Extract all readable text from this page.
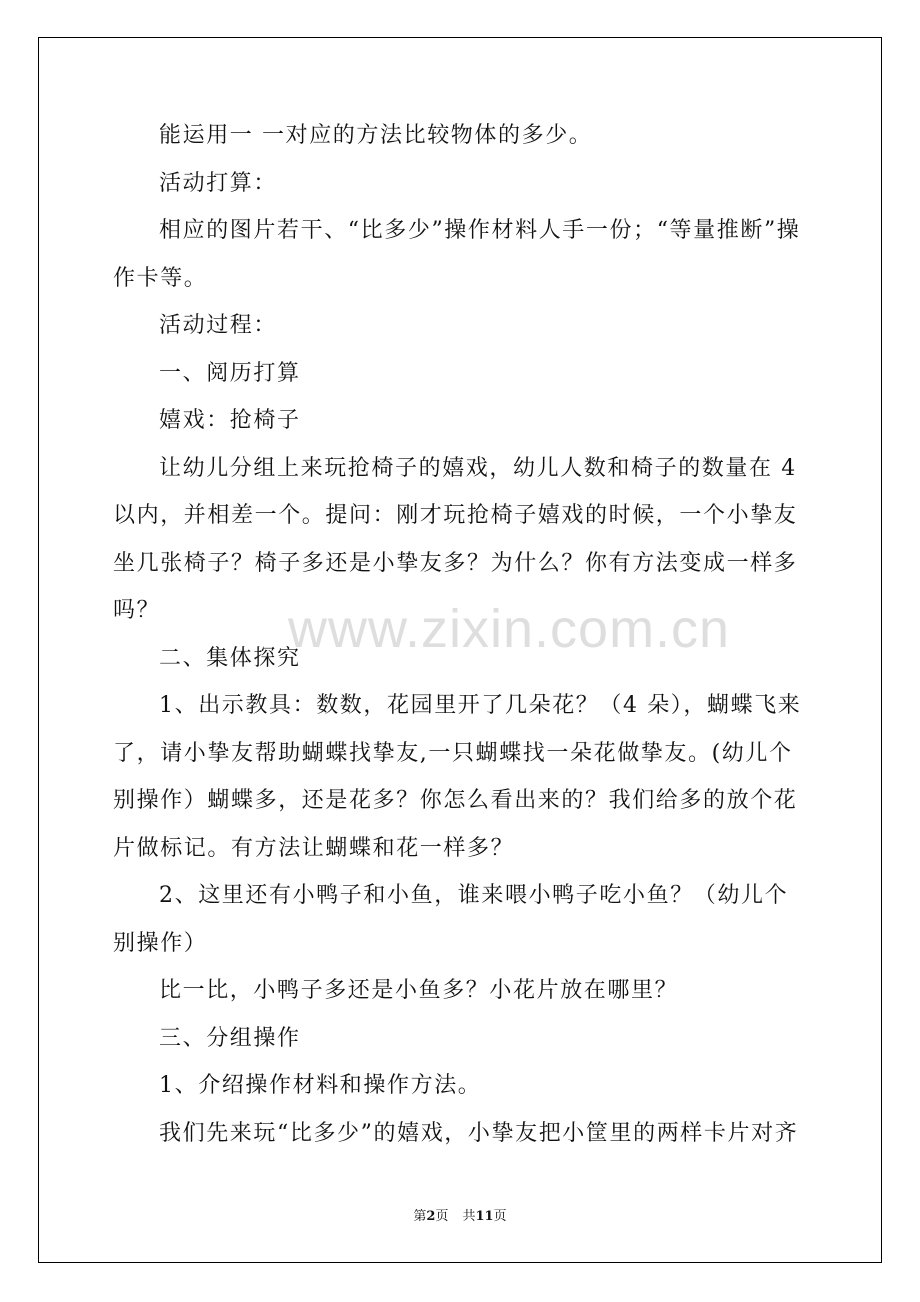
能运用一 一对应的方法比较物体的多少。

活动打算：

相应的图片若干、“比多少”操作材料人手一份；“等量推断”操作卡等。

活动过程：

一、阅历打算

嬉戏：抢椅子

让幼儿分组上来玩抢椅子的嬉戏，幼儿人数和椅子的数量在 4 以内，并相差一个。提问：刚才玩抢椅子嬉戏的时候，一个小挚友坐几张椅子？椅子多还是小挚友多？为什么？你有方法变成一样多吗？

二、集体探究

1、出示教具：数数，花园里开了几朵花？（4 朵），蝴蝶飞来了，请小挚友帮助蝴蝶找挚友,一只蝴蝶找一朵花做挚友。(幼儿个别操作）蝴蝶多，还是花多？你怎么看出来的？我们给多的放个花片做标记。有方法让蝴蝶和花一样多？

2、这里还有小鸭子和小鱼，谁来喂小鸭子吃小鱼？（幼儿个别操作）

比一比，小鸭子多还是小鱼多？小花片放在哪里？

三、分组操作

1、介绍操作材料和操作方法。

我们先来玩“比多少”的嬉戏，小挚友把小筐里的两样卡片对齐

www.zixin.com.cn
第2页 共11页
